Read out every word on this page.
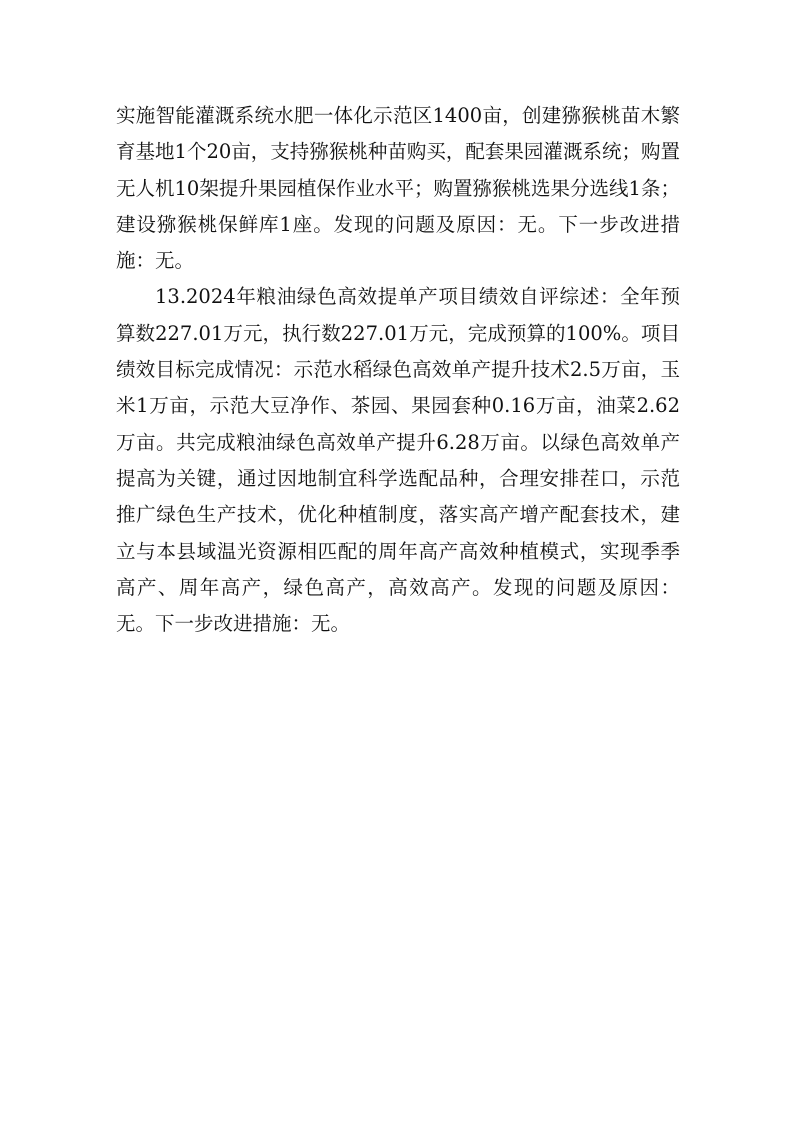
实施智能灌溉系统水肥一体化示范区1400亩，创建猕猴桃苗木繁育基地1个20亩，支持猕猴桃种苗购买，配套果园灌溉系统；购置无人机10架提升果园植保作业水平；购置猕猴桃选果分选线1条；建设猕猴桃保鲜库1座。发现的问题及原因：无。下一步改进措施：无。

13.2024年粮油绿色高效提单产项目绩效自评综述：全年预算数227.01万元，执行数227.01万元，完成预算的100%。项目绩效目标完成情况：示范水稻绿色高效单产提升技术2.5万亩，玉米1万亩，示范大豆净作、茶园、果园套种0.16万亩，油菜2.62万亩。共完成粮油绿色高效单产提升6.28万亩。以绿色高效单产提高为关键，通过因地制宜科学选配品种，合理安排茬口，示范推广绿色生产技术，优化种植制度，落实高产增产配套技术，建立与本县域温光资源相匹配的周年高产高效种植模式，实现季季高产、周年高产，绿色高产，高效高产。发现的问题及原因：无。下一步改进措施：无。
